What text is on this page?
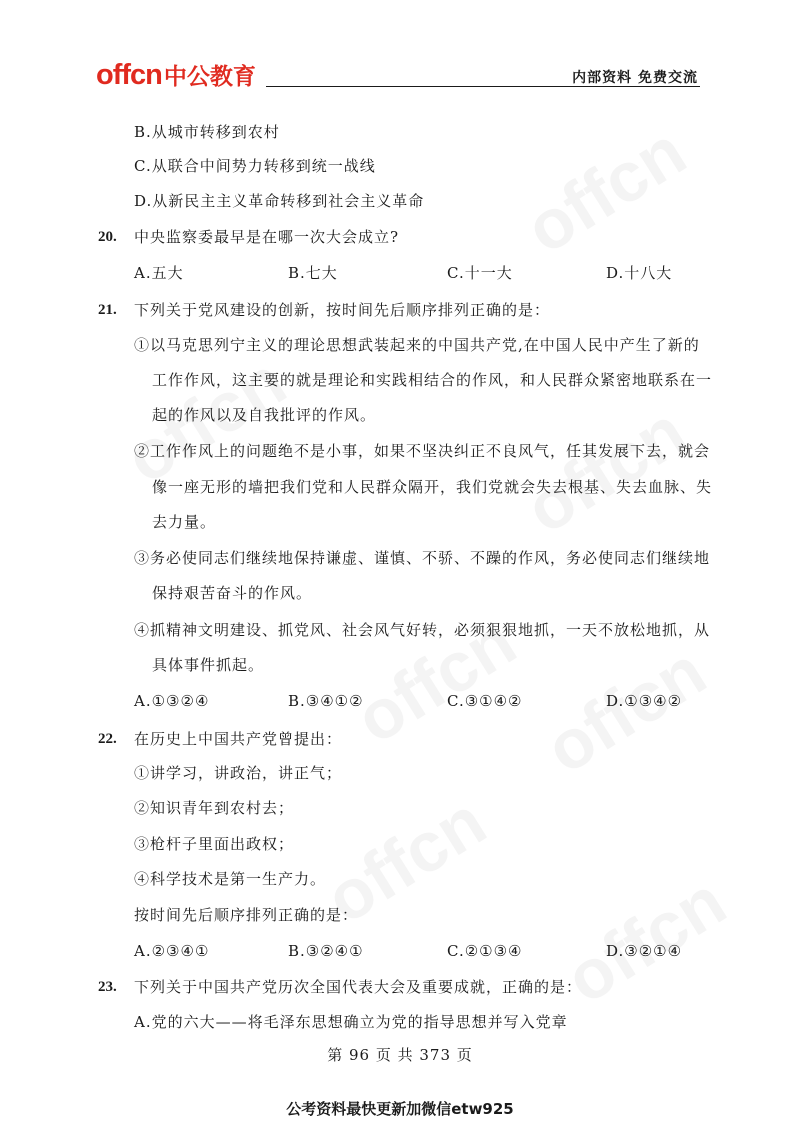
offcn 中公教育	内部资料 免费交流
B.从城市转移到农村
C.从联合中间势力转移到统一战线
D.从新民主主义革命转移到社会主义革命
20. 中央监察委最早是在哪一次大会成立?
A.五大	B.七大	C.十一大	D.十八大
21. 下列关于党风建设的创新，按时间先后顺序排列正确的是：
①以马克思列宁主义的理论思想武装起来的中国共产党,在中国人民中产生了新的
工作作风，这主要的就是理论和实践相结合的作风，和人民群众紧密地联系在一
起的作风以及自我批评的作风。
②工作作风上的问题绝不是小事，如果不坚决纠正不良风气，任其发展下去，就会
像一座无形的墙把我们党和人民群众隔开，我们党就会失去根基、失去血脉、失
去力量。
③务必使同志们继续地保持谦虚、谨慎、不骄、不躁的作风，务必使同志们继续地
保持艰苦奋斗的作风。
④抓精神文明建设、抓党风、社会风气好转，必须狠狠地抓，一天不放松地抓，从
具体事件抓起。
A.①③②④	B.③④①②	C.③①④②	D.①③④②
22. 在历史上中国共产党曾提出：
①讲学习，讲政治，讲正气；
②知识青年到农村去；
③枪杆子里面出政权；
④科学技术是第一生产力。
按时间先后顺序排列正确的是：
A.②③④①	B.③②④①	C.②①③④	D.③②①④
23. 下列关于中国共产党历次全国代表大会及重要成就，正确的是：
A.党的六大——将毛泽东思想确立为党的指导思想并写入党章
第 96 页 共 373 页
公考资料最快更新加微信etw925
